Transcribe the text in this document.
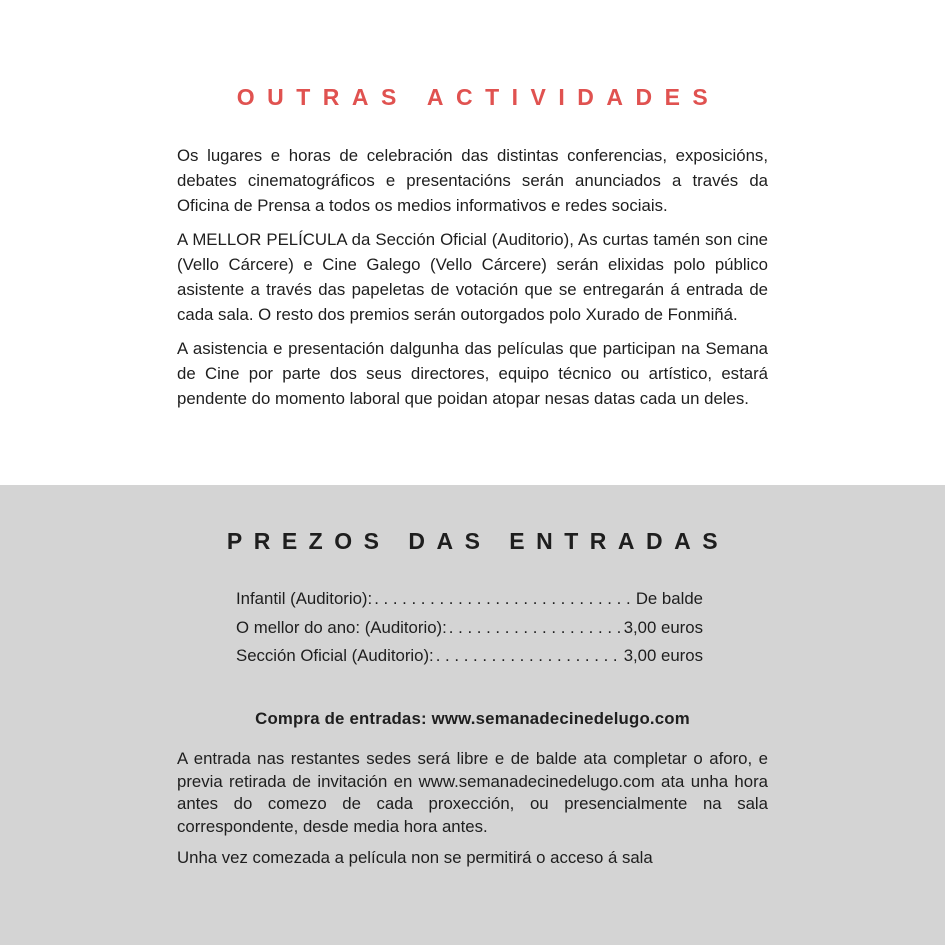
OUTRAS ACTIVIDADES

Os lugares e horas de celebración das distintas conferencias, exposicións, debates cinematográficos e presentacións serán anunciados a través da Oficina de Prensa a todos os medios informativos e redes sociais.

A MELLOR PELÍCULA da Sección Oficial (Auditorio), As curtas tamén son cine (Vello Cárcere) e Cine Galego (Vello Cárcere) serán elixidas polo público asistente a través das papeletas de votación que se entregarán á entrada de cada sala. O resto dos premios serán outorgados polo Xurado de Fonmiñá.

A asistencia e presentación dalgunha das películas que participan na Semana de Cine por parte dos seus directores, equipo técnico ou artístico, estará pendente do momento laboral que poidan atopar nesas datas cada un deles.

PREZOS DAS ENTRADAS
Infantil (Auditorio): . . .	De balde
O mellor do ano: (Auditorio): . . .	3,00 euros
Sección Oficial (Auditorio): . . .	3,00 euros
Compra de entradas: www.semanadecinedelugo.com

A entrada nas restantes sedes será libre e de balde ata completar o aforo, e previa retirada de invitación en www.semanadecinedelugo.com ata unha hora antes do comezo de cada proxección, ou presencialmente na sala correspondente, desde media hora antes.

Unha vez comezada a película non se permitirá o acceso á sala
